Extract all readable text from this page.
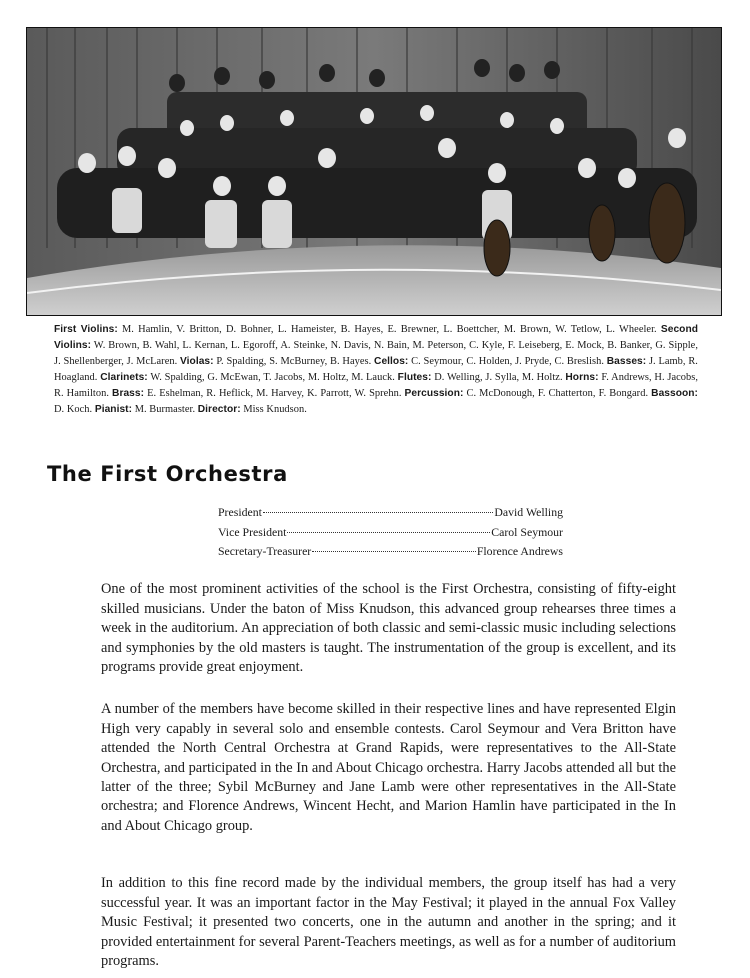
First Violins: M. Hamlin, V. Britton, D. Bohner, L. Hameister, B. Hayes, E. Brewner, L. Boettcher, M. Brown, W. Tetlow, L. Wheeler. Second Violins: W. Brown, B. Wahl, L. Kernan, L. Egoroff, A. Steinke, N. Davis, N. Bain, M. Peterson, C. Kyle, F. Leiseberg, E. Mock, B. Banker, G. Sipple, J. Shellenberger, J. McLaren. Violas: P. Spalding, S. McBurney, B. Hayes. Cellos: C. Seymour, C. Holden, J. Pryde, C. Breslish. Basses: J. Lamb, R. Hoagland. Clarinets: W. Spalding, G. McEwan, T. Jacobs, M. Holtz, M. Lauck. Flutes: D. Welling, J. Sylla, M. Holtz. Horns: F. Andrews, H. Jacobs, R. Hamilton. Brass: E. Eshelman, R. Heflick, M. Harvey, K. Parrott, W. Sprehn. Percussion: C. McDonough, F. Chatterton, F. Bongard. Bassoon: D. Koch. Pianist: M. Burmaster. Director: Miss Knudson.
The First Orchestra
President	David Welling
Vice President	Carol Seymour
Secretary-Treasurer	Florence Andrews

One of the most prominent activities of the school is the First Orchestra, consisting of fifty-eight skilled musicians. Under the baton of Miss Knudson, this advanced group rehearses three times a week in the auditorium. An appreciation of both classic and semi-classic music including selections and symphonies by the old masters is taught. The instrumentation of the group is excellent, and its programs provide great enjoyment.

A number of the members have become skilled in their respective lines and have represented Elgin High very capably in several solo and ensemble contests. Carol Seymour and Vera Britton have attended the North Central Orchestra at Grand Rapids, were representatives to the All-State Orchestra, and participated in the In and About Chicago orchestra. Harry Jacobs attended all but the latter of the three; Sybil McBurney and Jane Lamb were other representatives in the All-State orchestra; and Florence Andrews, Wincent Hecht, and Marion Hamlin have participated in the In and About Chicago group.

In addition to this fine record made by the individual members, the group itself has had a very successful year. It was an important factor in the May Festival; it played in the annual Fox Valley Music Festival; it presented two concerts, one in the autumn and another in the spring; and it provided entertainment for several Parent-Teachers meetings, as well as for a number of auditorium programs.
